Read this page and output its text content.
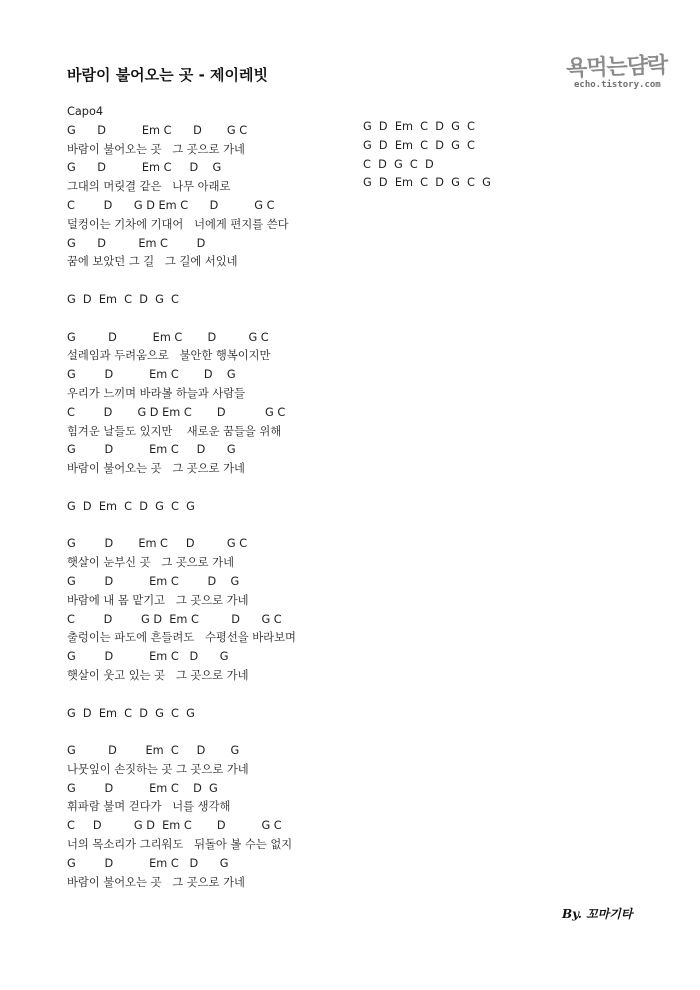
바람이 불어오는 곳 - 제이레빗	욕먹는댬락
echo.tistory.com
Capo4
G      D          Em C      D       G C
바람이 불어오는 곳   그 곳으로 가네
G      D          Em C     D    G
그대의 머릿결 같은   나무 아래로
C        D      G D Em C      D          G C
덜컹이는 기차에 기대어   너에게 편지를 쓴다
G      D         Em C        D
꿈에 보았던 그 길   그 길에 서있네
G  D  Em  C  D  G  C
G         D          Em C       D         G C
설레임과 두려움으로   불안한 행복이지만
G        D          Em C       D    G
우리가 느끼며 바라볼 하늘과 사람들
C        D       G D Em C       D           G C
힘겨운 날들도 있지만    새로운 꿈들을 위해
G        D          Em C     D      G
바람이 불어오는 곳   그 곳으로 가네
G  D  Em  C  D  G  C  G
G        D       Em C     D         G C
햇살이 눈부신 곳   그 곳으로 가네
G        D          Em C        D    G
바람에 내 몸 맡기고   그 곳으로 가네
C        D        G D  Em C         D      G C
출렁이는 파도에 흔들려도   수평선을 바라보며
G        D          Em C   D      G
햇살이 웃고 있는 곳   그 곳으로 가네
G  D  Em  C  D  G  C  G
G         D        Em  C     D       G
나뭇잎이 손짓하는 곳 그 곳으로 가네
G        D          Em C    D  G
휘파람 불며 걷다가   너를 생각해
C     D         G D  Em C       D          G C
너의 목소리가 그리워도   뒤돌아 볼 수는 없지
G        D          Em C   D      G
바람이 불어오는 곳   그 곳으로 가네
G  D  Em  C  D  G  C
G  D  Em  C  D  G  C
C  D  G  C  D
G  D  Em  C  D  G  C  G
By. 꼬마기타
